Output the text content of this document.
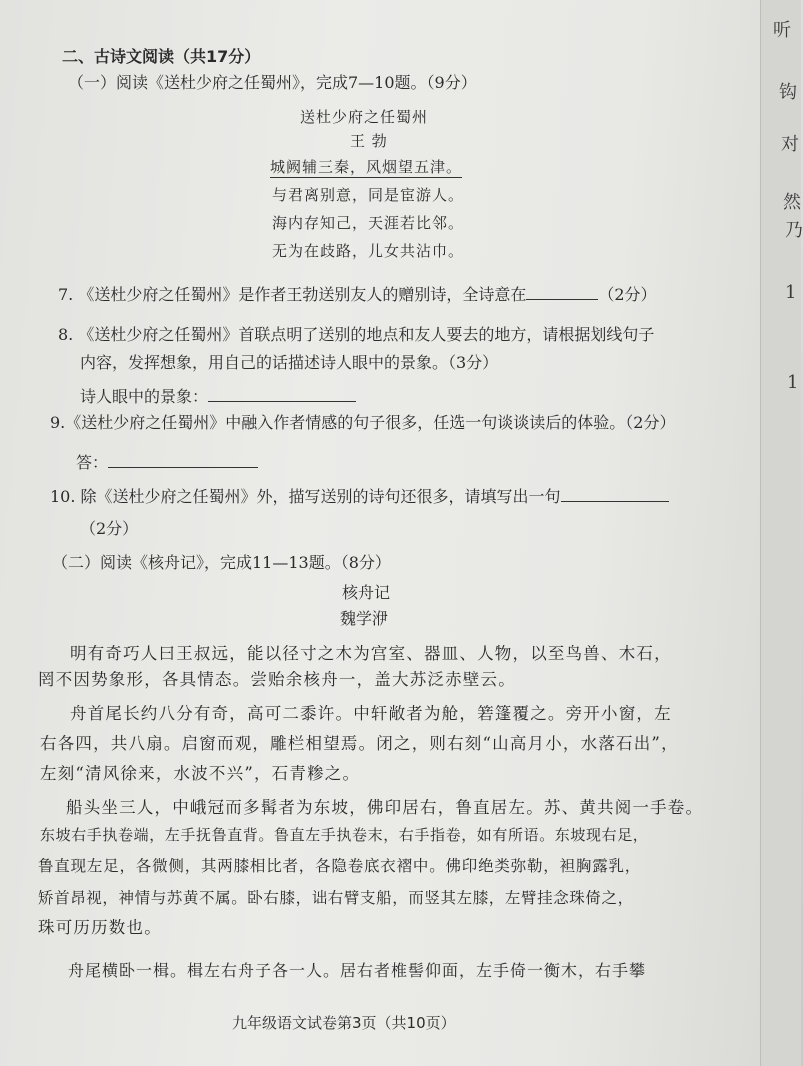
听
钩
对
然
乃
1
1
二、古诗文阅读（共17分）
（一）阅读《送杜少府之任蜀州》，完成7—10题。（9分）
送杜少府之任蜀州
王 勃
城阙辅三秦，风烟望五津。
与君离别意，同是宦游人。
海内存知己，天涯若比邻。
无为在歧路，儿女共沾巾。
7. 《送杜少府之任蜀州》是作者王勃送别友人的赠别诗，全诗意在	（2分）
8. 《送杜少府之任蜀州》首联点明了送别的地点和友人要去的地方，请根据划线句子
内容，发挥想象，用自己的话描述诗人眼中的景象。（3分）
诗人眼中的景象：
9.《送杜少府之任蜀州》中融入作者情感的句子很多，任选一句谈谈读后的体验。（2分）
答：
10. 除《送杜少府之任蜀州》外，描写送别的诗句还很多，请填写出一句
（2分）
（二）阅读《核舟记》，完成11—13题。（8分）
核舟记
魏学洢
明有奇巧人曰王叔远，能以径寸之木为宫室、器皿、人物，以至鸟兽、木石，
罔不因势象形，各具情态。尝贻余核舟一，盖大苏泛赤壁云。
舟首尾长约八分有奇，高可二黍许。中轩敞者为舱，箬篷覆之。旁开小窗，左
右各四，共八扇。启窗而观，雕栏相望焉。闭之，则右刻“山高月小，水落石出”，
左刻“清风徐来，水波不兴”，石青糁之。
船头坐三人，中峨冠而多髯者为东坡，佛印居右，鲁直居左。苏、黄共阅一手卷。
东坡右手执卷端，左手抚鲁直背。鲁直左手执卷末，右手指卷，如有所语。东坡现右足，
鲁直现左足，各微侧，其两膝相比者，各隐卷底衣褶中。佛印绝类弥勒，袒胸露乳，
矫首昂视，神情与苏黄不属。卧右膝，诎右臂支船，而竖其左膝，左臂挂念珠倚之，
珠可历历数也。
舟尾横卧一楫。楫左右舟子各一人。居右者椎髻仰面，左手倚一衡木，右手攀
九年级语文试卷第3页（共10页）
